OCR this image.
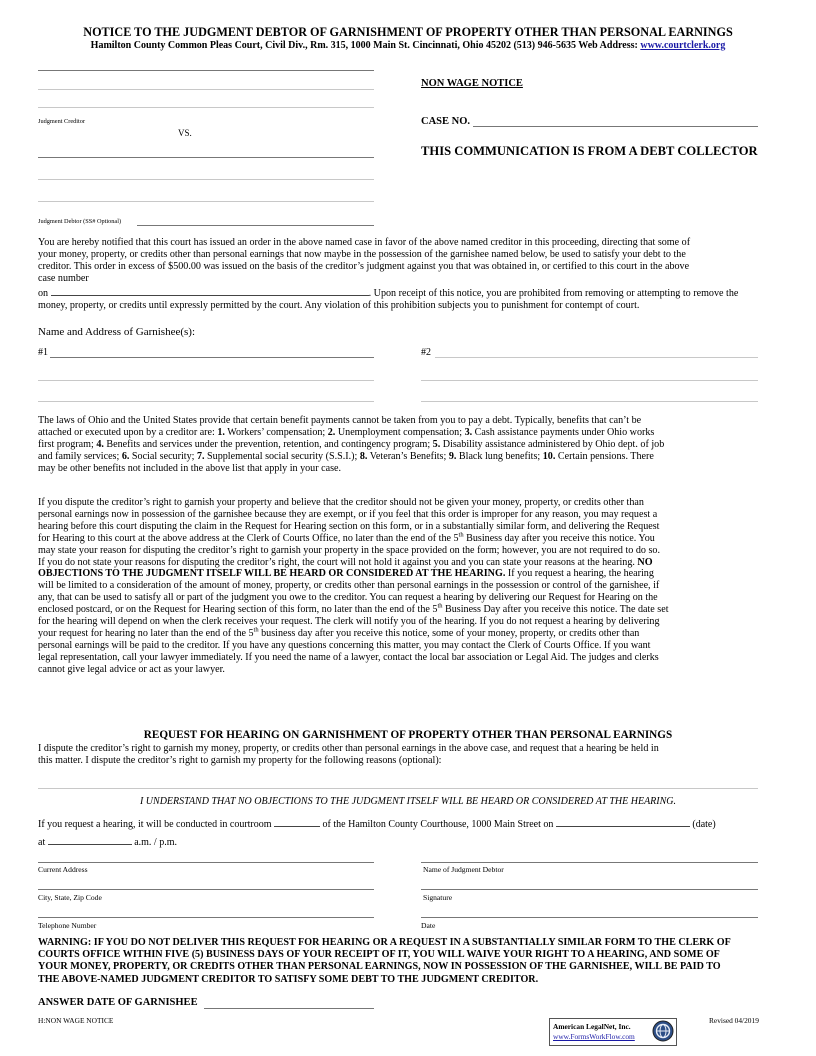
NOTICE TO THE JUDGMENT DEBTOR OF GARNISHMENT OF PROPERTY OTHER THAN PERSONAL EARNINGS
Hamilton County Common Pleas Court, Civil Div., Rm. 315, 1000 Main St. Cincinnati, Ohio 45202 (513) 946-5635 Web Address: www.courtclerk.org
Judgment Creditor
VS.
Judgment Debtor (SS# Optional)
NON WAGE NOTICE
CASE NO.
THIS COMMUNICATION IS FROM A DEBT COLLECTOR
You are hereby notified that this court has issued an order in the above named case in favor of the above named creditor in this proceeding, directing that some of
your money, property, or credits other than personal earnings that now maybe in the possession of the garnishee named below, be used to satisfy your debt to the
creditor. This order in excess of $500.00 was issued on the basis of the creditor’s judgment against you that was obtained in, or certified to this court in the above
case number
on	. Upon receipt of this notice, you are prohibited from removing or attempting to remove the
money, property, or credits until expressly permitted by the court. Any violation of this prohibition subjects you to punishment for contempt of court.
Name and Address of Garnishee(s):
#1	#2
The laws of Ohio and the United States provide that certain benefit payments cannot be taken from you to pay a debt. Typically, benefits that can’t be
attached or executed upon by a creditor are: 1. Workers’ compensation; 2. Unemployment compensation; 3. Cash assistance payments under Ohio works
first program; 4. Benefits and services under the prevention, retention, and contingency program; 5. Disability assistance administered by Ohio dept. of job
and family services; 6. Social security; 7. Supplemental social security (S.S.I.); 8. Veteran’s Benefits; 9. Black lung benefits; 10. Certain pensions. There
may be other benefits not included in the above list that apply in your case.
If you dispute the creditor’s right to garnish your property and believe that the creditor should not be given your money, property, or credits other than
personal earnings now in possession of the garnishee because they are exempt, or if you feel that this order is improper for any reason, you may request a
hearing before this court disputing the claim in the Request for Hearing section on this form, or in a substantially similar form, and delivering the Request
for Hearing to this court at the above address at the Clerk of Courts Office, no later than the end of the 5th Business day after you receive this notice. You
may state your reason for disputing the creditor’s right to garnish your property in the space provided on the form; however, you are not required to do so.
If you do not state your reasons for disputing the creditor’s right, the court will not hold it against you and you can state your reasons at the hearing. NO
OBJECTIONS TO THE JUDGMENT ITSELF WILL BE HEARD OR CONSIDERED AT THE HEARING. If you request a hearing, the hearing
will be limited to a consideration of the amount of money, property, or credits other than personal earnings in the possession or control of the garnishee, if
any, that can be used to satisfy all or part of the judgment you owe to the creditor. You can request a hearing by delivering our Request for Hearing on the
enclosed postcard, or on the Request for Hearing section of this form, no later than the end of the 5th Business Day after you receive this notice. The date set
for the hearing will depend on when the clerk receives your request. The clerk will notify you of the hearing. If you do not request a hearing by delivering
your request for hearing no later than the end of the 5th business day after you receive this notice, some of your money, property, or credits other than
personal earnings will be paid to the creditor. If you have any questions concerning this matter, you may contact the Clerk of Courts Office. If you want
legal representation, call your lawyer immediately. If you need the name of a lawyer, contact the local bar association or Legal Aid. The judges and clerks
cannot give legal advice or act as your lawyer.
REQUEST FOR HEARING ON GARNISHMENT OF PROPERTY OTHER THAN PERSONAL EARNINGS
I dispute the creditor’s right to garnish my money, property, or credits other than personal earnings in the above case, and request that a hearing be held in
this matter. I dispute the creditor’s right to garnish my property for the following reasons (optional):
I UNDERSTAND THAT NO OBJECTIONS TO THE JUDGMENT ITSELF WILL BE HEARD OR CONSIDERED AT THE HEARING.
If you request a hearing, it will be conducted in courtroom	of the Hamilton County Courthouse, 1000 Main Street on	(date)
at	a.m. / p.m.
Current Address	Name of Judgment Debtor
City, State, Zip Code	Signature
Telephone Number	Date
WARNING: IF YOU DO NOT DELIVER THIS REQUEST FOR HEARING OR A REQUEST IN A SUBSTANTIALLY SIMILAR FORM TO THE CLERK OF
COURTS OFFICE WITHIN FIVE (5) BUSINESS DAYS OF YOUR RECEIPT OF IT, YOU WILL WAIVE YOUR RIGHT TO A HEARING, AND SOME OF
YOUR MONEY, PROPERTY, OR CREDITS OTHER THAN PERSONAL EARNINGS, NOW IN POSSESSION OF THE GARNISHEE, WILL BE PAID TO
THE ABOVE-NAMED JUDGMENT CREDITOR TO SATISFY SOME DEBT TO THE JUDGMENT CREDITOR.
ANSWER DATE OF GARNISHEE
H:NON WAGE NOTICE
American LegalNet, Inc.
www.FormsWorkFlow.com
Revised 04/2019
